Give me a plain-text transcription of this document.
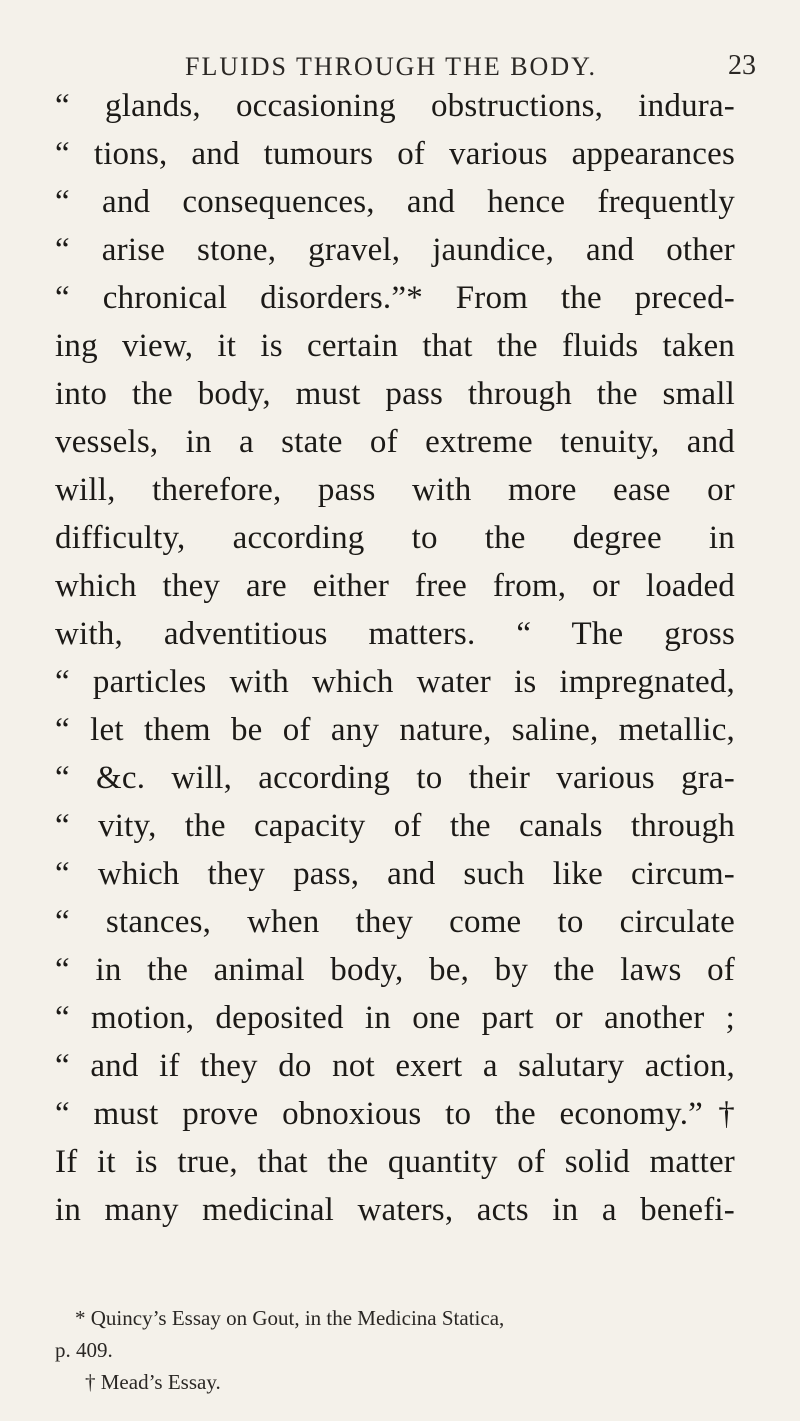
FLUIDS THROUGH THE BODY.	23
“ glands, occasioning obstructions, indura-
“ tions, and tumours of various appearances
“ and consequences, and hence frequently
“ arise stone, gravel, jaundice, and other
“ chronical disorders.”* From the preced-
ing view, it is certain that the fluids taken
into the body, must pass through the small
vessels, in a state of extreme tenuity, and
will, therefore, pass with more ease or
difficulty, according to the degree in
which they are either free from, or loaded
with, adventitious matters. “ The gross
“ particles with which water is impregnated,
“ let them be of any nature, saline, metallic,
“ &c. will, according to their various gra-
“ vity, the capacity of the canals through
“ which they pass, and such like circum-
“ stances, when they come to circulate
“ in the animal body, be, by the laws of
“ motion, deposited in one part or another ;
“ and if they do not exert a salutary action,
“ must prove obnoxious to the economy.”†
If it is true, that the quantity of solid matter
in many medicinal waters, acts in a benefi-
* Quincy’s Essay on Gout, in the Medicina Statica,
p. 409.
† Mead’s Essay.
